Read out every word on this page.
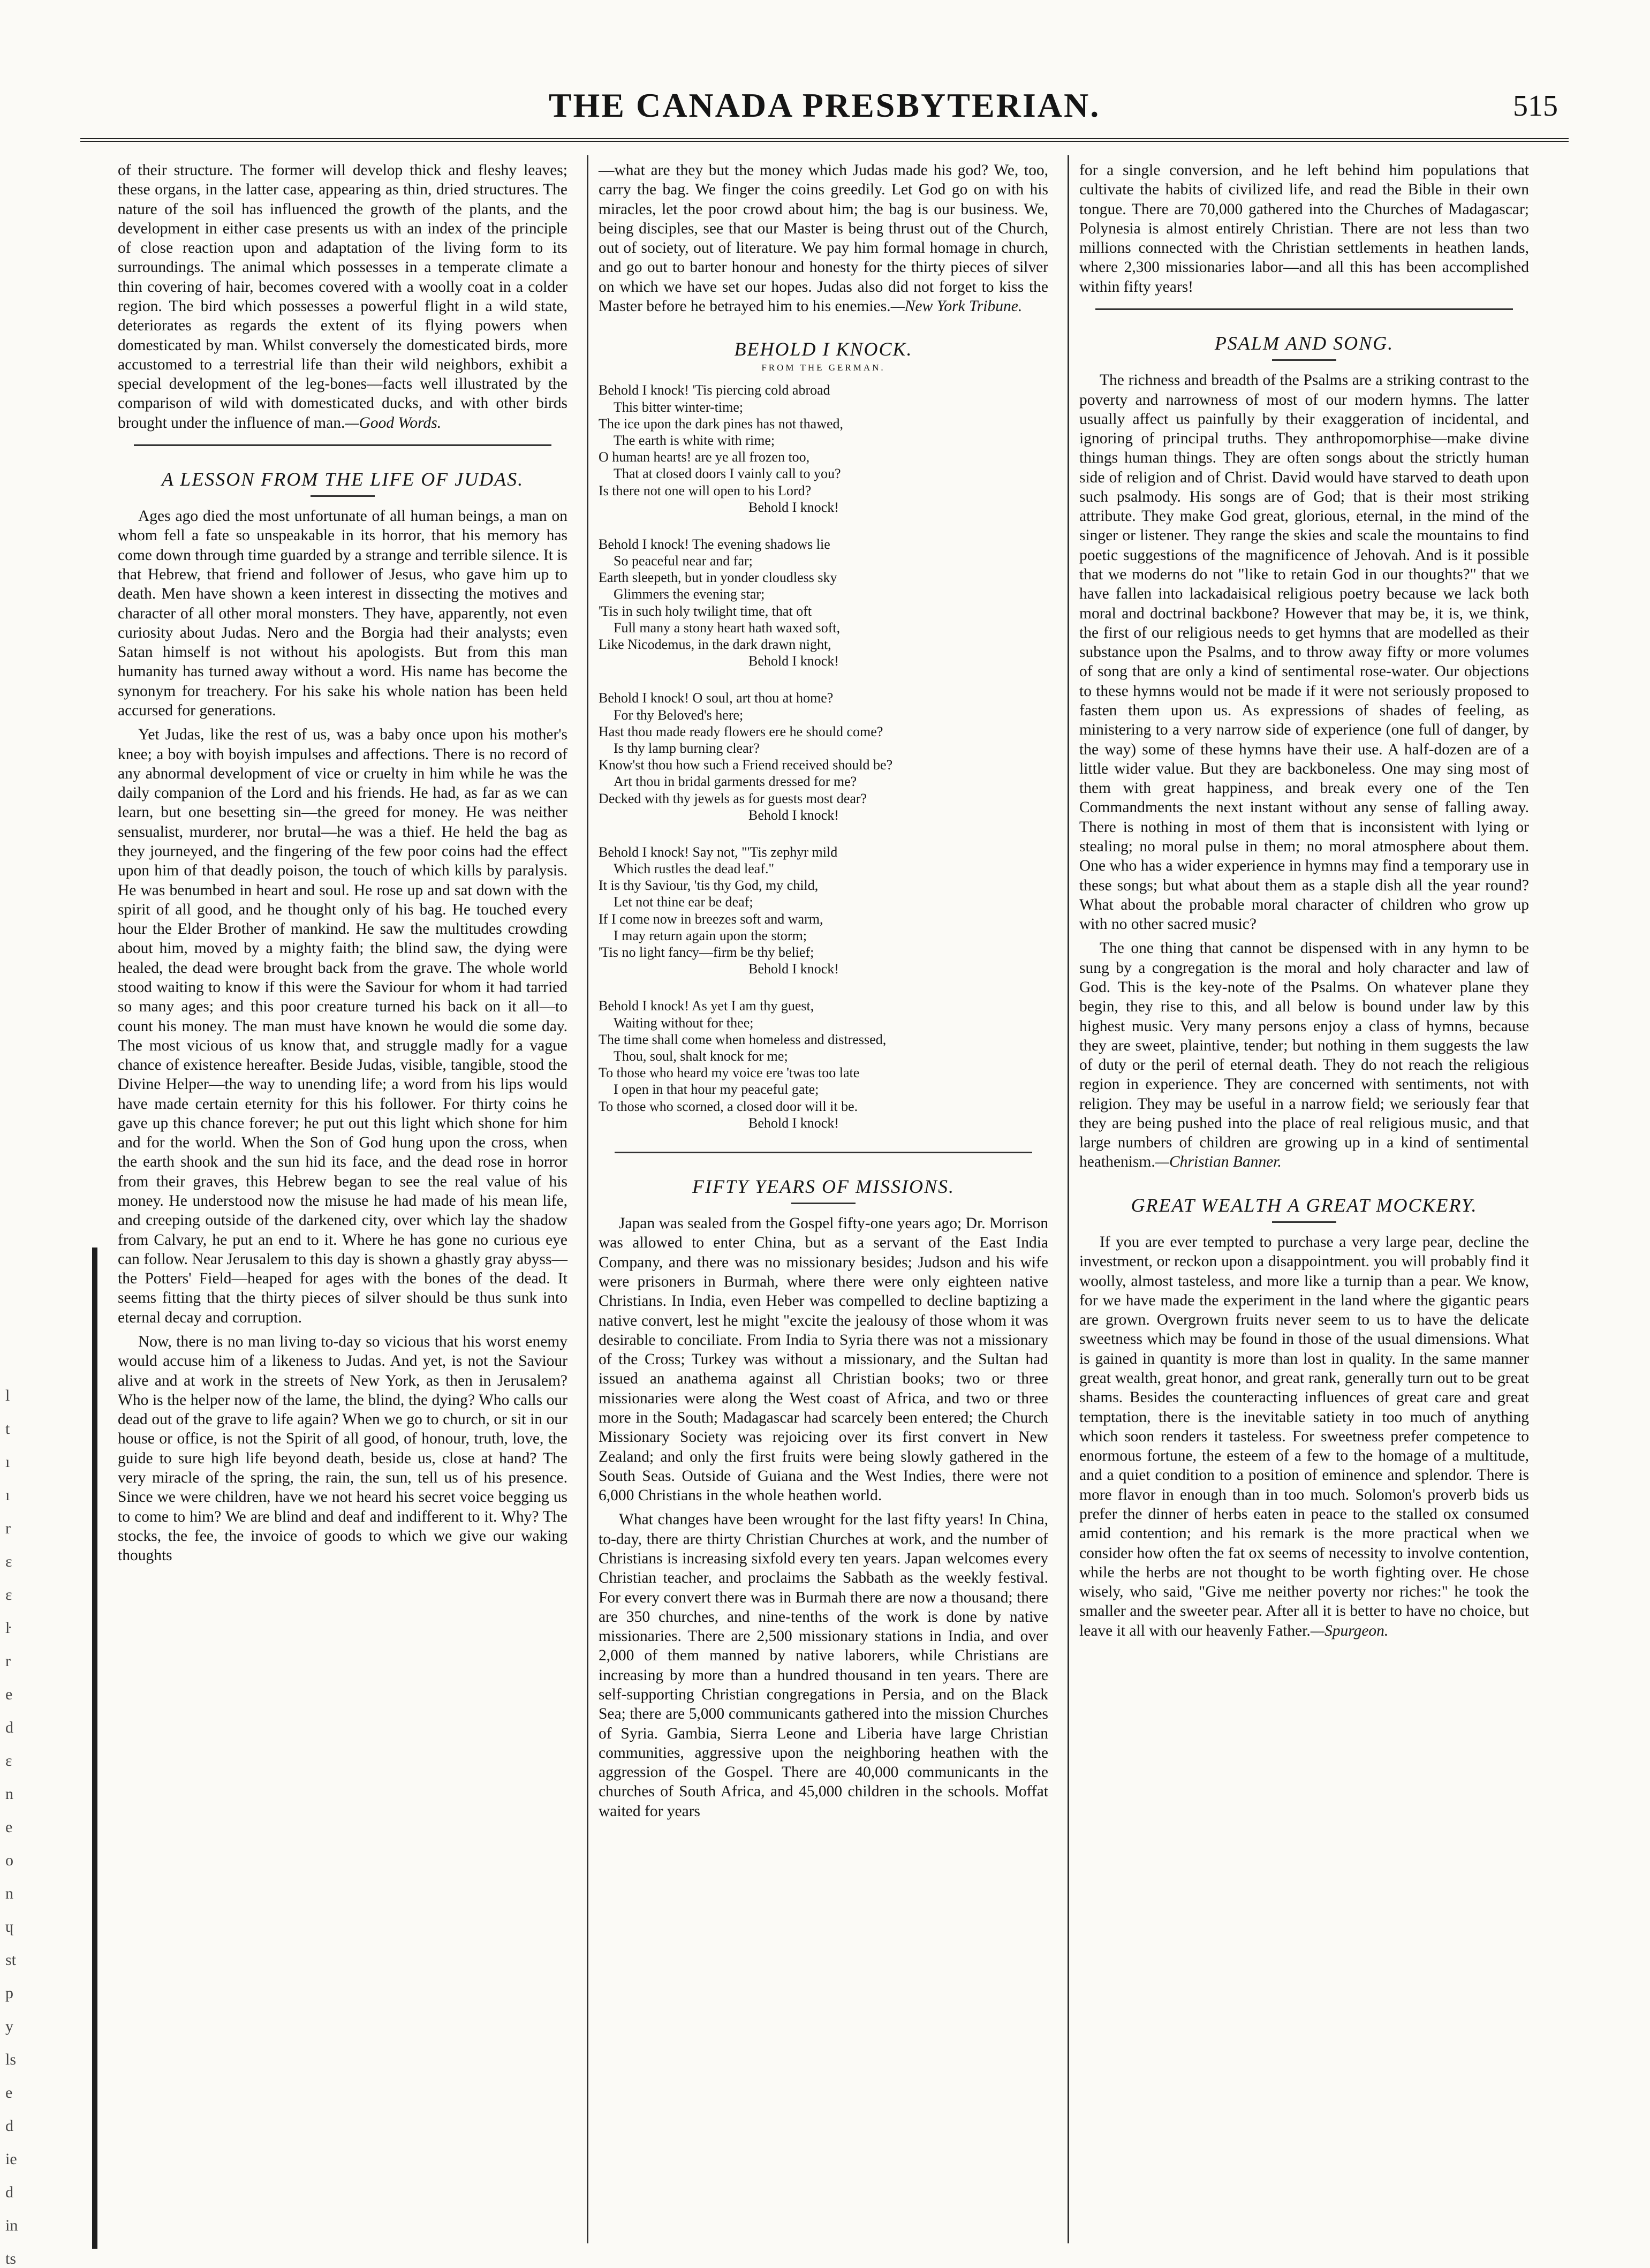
THE CANADA PRESBYTERIAN.	515
l
t
ı
ı
r
ɛ
ɛ
ŀ
r
e
d
ɛ
n
e
o
n
ɥ
st
p
y
ls
e
d
ie
d
in
ts

of their structure. The former will develop thick and fleshy leaves; these organs, in the latter case, appearing as thin, dried structures. The nature of the soil has influenced the growth of the plants, and the development in either case presents us with an index of the principle of close reaction upon and adaptation of the living form to its surroundings. The animal which possesses in a temperate climate a thin covering of hair, becomes covered with a woolly coat in a colder region. The bird which possesses a powerful flight in a wild state, deteriorates as regards the extent of its flying powers when domesticated by man. Whilst conversely the domesticated birds, more accustomed to a terrestrial life than their wild neighbors, exhibit a special development of the leg-bones—facts well illustrated by the comparison of wild with domesticated ducks, and with other birds brought under the influence of man.—Good Words.

A LESSON FROM THE LIFE OF JUDAS.

Ages ago died the most unfortunate of all human beings, a man on whom fell a fate so unspeakable in its horror, that his memory has come down through time guarded by a strange and terrible silence. It is that Hebrew, that friend and follower of Jesus, who gave him up to death. Men have shown a keen interest in dissecting the motives and character of all other moral monsters. They have, apparently, not even curiosity about Judas. Nero and the Borgia had their analysts; even Satan himself is not without his apologists. But from this man humanity has turned away without a word. His name has become the synonym for treachery. For his sake his whole nation has been held accursed for generations.

Yet Judas, like the rest of us, was a baby once upon his mother's knee; a boy with boyish impulses and affections. There is no record of any abnormal development of vice or cruelty in him while he was the daily companion of the Lord and his friends. He had, as far as we can learn, but one besetting sin—the greed for money. He was neither sensualist, murderer, nor brutal—he was a thief. He held the bag as they journeyed, and the fingering of the few poor coins had the effect upon him of that deadly poison, the touch of which kills by paralysis. He was benumbed in heart and soul. He rose up and sat down with the spirit of all good, and he thought only of his bag. He touched every hour the Elder Brother of mankind. He saw the multitudes crowding about him, moved by a mighty faith; the blind saw, the dying were healed, the dead were brought back from the grave. The whole world stood waiting to know if this were the Saviour for whom it had tarried so many ages; and this poor creature turned his back on it all—to count his money. The man must have known he would die some day. The most vicious of us know that, and struggle madly for a vague chance of existence hereafter. Beside Judas, visible, tangible, stood the Divine Helper—the way to unending life; a word from his lips would have made certain eternity for this his follower. For thirty coins he gave up this chance forever; he put out this light which shone for him and for the world. When the Son of God hung upon the cross, when the earth shook and the sun hid its face, and the dead rose in horror from their graves, this Hebrew began to see the real value of his money. He understood now the misuse he had made of his mean life, and creeping outside of the darkened city, over which lay the shadow from Calvary, he put an end to it. Where he has gone no curious eye can follow. Near Jerusalem to this day is shown a ghastly gray abyss—the Potters' Field—heaped for ages with the bones of the dead. It seems fitting that the thirty pieces of silver should be thus sunk into eternal decay and corruption.

Now, there is no man living to-day so vicious that his worst enemy would accuse him of a likeness to Judas. And yet, is not the Saviour alive and at work in the streets of New York, as then in Jerusalem? Who is the helper now of the lame, the blind, the dying? Who calls our dead out of the grave to life again? When we go to church, or sit in our house or office, is not the Spirit of all good, of honour, truth, love, the guide to sure high life beyond death, beside us, close at hand? The very miracle of the spring, the rain, the sun, tell us of his presence. Since we were children, have we not heard his secret voice begging us to come to him? We are blind and deaf and indifferent to it. Why? The stocks, the fee, the invoice of goods to which we give our waking thoughts

—what are they but the money which Judas made his god? We, too, carry the bag. We finger the coins greedily. Let God go on with his miracles, let the poor crowd about him; the bag is our business. We, being disciples, see that our Master is being thrust out of the Church, out of society, out of literature. We pay him formal homage in church, and go out to barter honour and honesty for the thirty pieces of silver on which we have set our hopes. Judas also did not forget to kiss the Master before he betrayed him to his enemies.—New York Tribune.

BEHOLD I KNOCK.
FROM THE GERMAN.
Behold I knock! 'Tis piercing cold abroad
This bitter winter-time;
The ice upon the dark pines has not thawed,
The earth is white with rime;
O human hearts! are ye all frozen too,
That at closed doors I vainly call to you?
Is there not one will open to his Lord?
Behold I knock!
Behold I knock! The evening shadows lie
So peaceful near and far;
Earth sleepeth, but in yonder cloudless sky
Glimmers the evening star;
'Tis in such holy twilight time, that oft
Full many a stony heart hath waxed soft,
Like Nicodemus, in the dark drawn night,
Behold I knock!
Behold I knock! O soul, art thou at home?
For thy Beloved's here;
Hast thou made ready flowers ere he should come?
Is thy lamp burning clear?
Know'st thou how such a Friend received should be?
Art thou in bridal garments dressed for me?
Decked with thy jewels as for guests most dear?
Behold I knock!
Behold I knock! Say not, "'Tis zephyr mild
Which rustles the dead leaf."
It is thy Saviour, 'tis thy God, my child,
Let not thine ear be deaf;
If I come now in breezes soft and warm,
I may return again upon the storm;
'Tis no light fancy—firm be thy belief;
Behold I knock!
Behold I knock! As yet I am thy guest,
Waiting without for thee;
The time shall come when homeless and distressed,
Thou, soul, shalt knock for me;
To those who heard my voice ere 'twas too late
I open in that hour my peaceful gate;
To those who scorned, a closed door will it be.
Behold I knock!
FIFTY YEARS OF MISSIONS.

Japan was sealed from the Gospel fifty-one years ago; Dr. Morrison was allowed to enter China, but as a servant of the East India Company, and there was no missionary besides; Judson and his wife were prisoners in Burmah, where there were only eighteen native Christians. In India, even Heber was compelled to decline baptizing a native convert, lest he might "excite the jealousy of those whom it was desirable to conciliate. From India to Syria there was not a missionary of the Cross; Turkey was without a missionary, and the Sultan had issued an anathema against all Christian books; two or three missionaries were along the West coast of Africa, and two or three more in the South; Madagascar had scarcely been entered; the Church Missionary Society was rejoicing over its first convert in New Zealand; and only the first fruits were being slowly gathered in the South Seas. Outside of Guiana and the West Indies, there were not 6,000 Christians in the whole heathen world.

What changes have been wrought for the last fifty years! In China, to-day, there are thirty Christian Churches at work, and the number of Christians is increasing sixfold every ten years. Japan welcomes every Christian teacher, and proclaims the Sabbath as the weekly festival. For every convert there was in Burmah there are now a thousand; there are 350 churches, and nine-tenths of the work is done by native missionaries. There are 2,500 missionary stations in India, and over 2,000 of them manned by native laborers, while Christians are increasing by more than a hundred thousand in ten years. There are self-supporting Christian congregations in Persia, and on the Black Sea; there are 5,000 communicants gathered into the mission Churches of Syria. Gambia, Sierra Leone and Liberia have large Christian communities, aggressive upon the neighboring heathen with the aggression of the Gospel. There are 40,000 communicants in the churches of South Africa, and 45,000 children in the schools. Moffat waited for years

for a single conversion, and he left behind him populations that cultivate the habits of civilized life, and read the Bible in their own tongue. There are 70,000 gathered into the Churches of Madagascar; Polynesia is almost entirely Christian. There are not less than two millions connected with the Christian settlements in heathen lands, where 2,300 missionaries labor—and all this has been accomplished within fifty years!

PSALM AND SONG.

The richness and breadth of the Psalms are a striking contrast to the poverty and narrowness of most of our modern hymns. The latter usually affect us painfully by their exaggeration of incidental, and ignoring of principal truths. They anthropomorphise—make divine things human things. They are often songs about the strictly human side of religion and of Christ. David would have starved to death upon such psalmody. His songs are of God; that is their most striking attribute. They make God great, glorious, eternal, in the mind of the singer or listener. They range the skies and scale the mountains to find poetic suggestions of the magnificence of Jehovah. And is it possible that we moderns do not "like to retain God in our thoughts?" that we have fallen into lackadaisical religious poetry because we lack both moral and doctrinal backbone? However that may be, it is, we think, the first of our religious needs to get hymns that are modelled as their substance upon the Psalms, and to throw away fifty or more volumes of song that are only a kind of sentimental rose-water. Our objections to these hymns would not be made if it were not seriously proposed to fasten them upon us. As expressions of shades of feeling, as ministering to a very narrow side of experience (one full of danger, by the way) some of these hymns have their use. A half-dozen are of a little wider value. But they are backboneless. One may sing most of them with great happiness, and break every one of the Ten Commandments the next instant without any sense of falling away. There is nothing in most of them that is inconsistent with lying or stealing; no moral pulse in them; no moral atmosphere about them. One who has a wider experience in hymns may find a temporary use in these songs; but what about them as a staple dish all the year round? What about the probable moral character of children who grow up with no other sacred music?

The one thing that cannot be dispensed with in any hymn to be sung by a congregation is the moral and holy character and law of God. This is the key-note of the Psalms. On whatever plane they begin, they rise to this, and all below is bound under law by this highest music. Very many persons enjoy a class of hymns, because they are sweet, plaintive, tender; but nothing in them suggests the law of duty or the peril of eternal death. They do not reach the religious region in experience. They are concerned with sentiments, not with religion. They may be useful in a narrow field; we seriously fear that they are being pushed into the place of real religious music, and that large numbers of children are growing up in a kind of sentimental heathenism.—Christian Banner.

GREAT WEALTH A GREAT MOCKERY.

If you are ever tempted to purchase a very large pear, decline the investment, or reckon upon a disappointment. you will probably find it woolly, almost tasteless, and more like a turnip than a pear. We know, for we have made the experiment in the land where the gigantic pears are grown. Overgrown fruits never seem to us to have the delicate sweetness which may be found in those of the usual dimensions. What is gained in quantity is more than lost in quality. In the same manner great wealth, great honor, and great rank, generally turn out to be great shams. Besides the counteracting influences of great care and great temptation, there is the inevitable satiety in too much of anything which soon renders it tasteless. For sweetness prefer competence to enormous fortune, the esteem of a few to the homage of a multitude, and a quiet condition to a position of eminence and splendor. There is more flavor in enough than in too much. Solomon's proverb bids us prefer the dinner of herbs eaten in peace to the stalled ox consumed amid contention; and his remark is the more practical when we consider how often the fat ox seems of necessity to involve contention, while the herbs are not thought to be worth fighting over. He chose wisely, who said, "Give me neither poverty nor riches:" he took the smaller and the sweeter pear. After all it is better to have no choice, but leave it all with our heavenly Father.—Spurgeon.
